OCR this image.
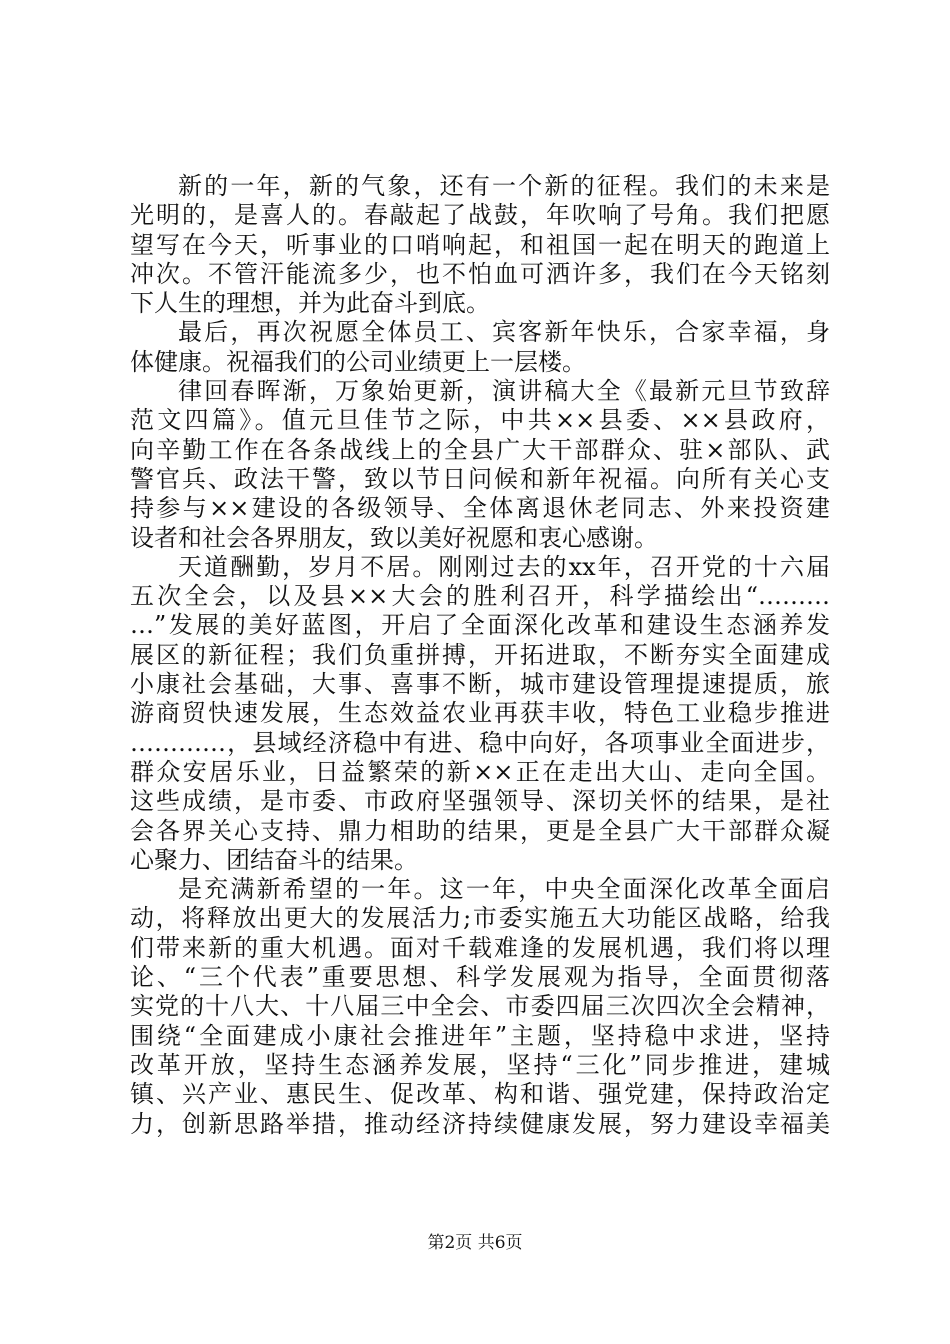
新的一年，新的气象，还有一个新的征程。我们的未来是
光明的，是喜人的。春敲起了战鼓，年吹响了号角。我们把愿
望写在今天，听事业的口哨响起，和祖国一起在明天的跑道上
冲次。不管汗能流多少，也不怕血可洒许多，我们在今天铭刻
下人生的理想，并为此奋斗到底。
最后，再次祝愿全体员工、宾客新年快乐，合家幸福，身
体健康。祝福我们的公司业绩更上一层楼。
律回春晖渐，万象始更新，演讲稿大全《最新元旦节致辞
范文四篇》。值元旦佳节之际，中共××县委、××县政府，
向辛勤工作在各条战线上的全县广大干部群众、驻×部队、武
警官兵、政法干警，致以节日问候和新年祝福。向所有关心支
持参与××建设的各级领导、全体离退休老同志、外来投资建
设者和社会各界朋友，致以美好祝愿和衷心感谢。
天道酬勤，岁月不居。刚刚过去的xx年，召开党的十六届
五次全会，以及县××大会的胜利召开，科学描绘出“………
…”发展的美好蓝图，开启了全面深化改革和建设生态涵养发
展区的新征程；我们负重拼搏，开拓进取，不断夯实全面建成
小康社会基础，大事、喜事不断，城市建设管理提速提质，旅
游商贸快速发展，生态效益农业再获丰收，特色工业稳步推进
…………，县域经济稳中有进、稳中向好，各项事业全面进步，
群众安居乐业，日益繁荣的新××正在走出大山、走向全国。
这些成绩，是市委、市政府坚强领导、深切关怀的结果，是社
会各界关心支持、鼎力相助的结果，更是全县广大干部群众凝
心聚力、团结奋斗的结果。
是充满新希望的一年。这一年，中央全面深化改革全面启
动，将释放出更大的发展活力;市委实施五大功能区战略，给我
们带来新的重大机遇。面对千载难逢的发展机遇，我们将以理
论、“三个代表”重要思想、科学发展观为指导，全面贯彻落
实党的十八大、十八届三中全会、市委四届三次四次全会精神，
围绕“全面建成小康社会推进年”主题，坚持稳中求进，坚持
改革开放，坚持生态涵养发展，坚持“三化”同步推进，建城
镇、兴产业、惠民生、促改革、构和谐、强党建，保持政治定
力，创新思路举措，推动经济持续健康发展，努力建设幸福美
第2页 共6页
